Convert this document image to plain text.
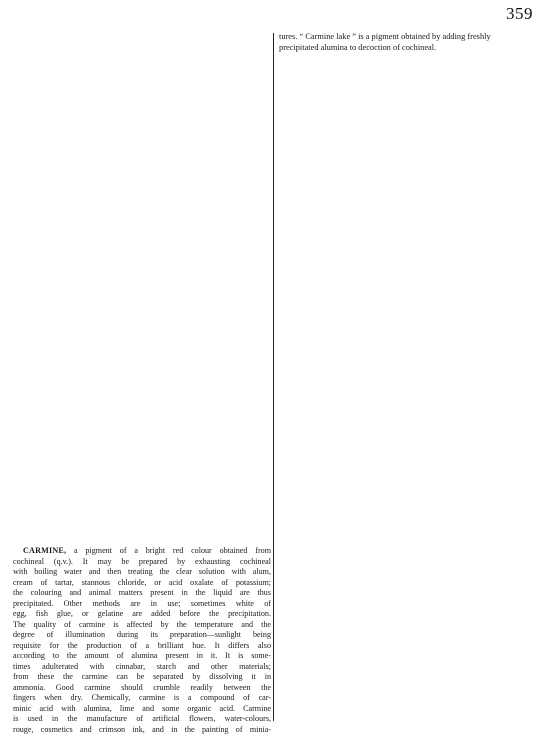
359
tures. “ Carmine lake ” is a pigment obtained by adding freshly
precipitated alumina to decoction of cochineal.
CARMINE, a pigment of a bright red colour obtained from
cochineal (q.v.). It may be prepared by exhausting cochineal
with boiling water and then treating the clear solution with alum,
cream of tartar, stannous chloride, or acid oxalate of potassium;
the colouring and animal matters present in the liquid are thus
precipitated. Other methods are in use; sometimes white of
egg, fish glue, or gelatine are added before the precipitation.
The quality of carmine is affected by the temperature and the
degree of illumination during its preparation—sunlight being
requisite for the production of a brilliant hue. It differs also
according to the amount of alumina present in it. It is some-
times adulterated with cinnabar, starch and other materials;
from these the carmine can be separated by dissolving it in
ammonia. Good carmine should crumble readily between the
fingers when dry. Chemically, carmine is a compound of car-
minic acid with alumina, lime and some organic acid. Carmine
is used in the manufacture of artificial flowers, water-colours,
rouge, cosmetics and crimson ink, and in the painting of minia-
